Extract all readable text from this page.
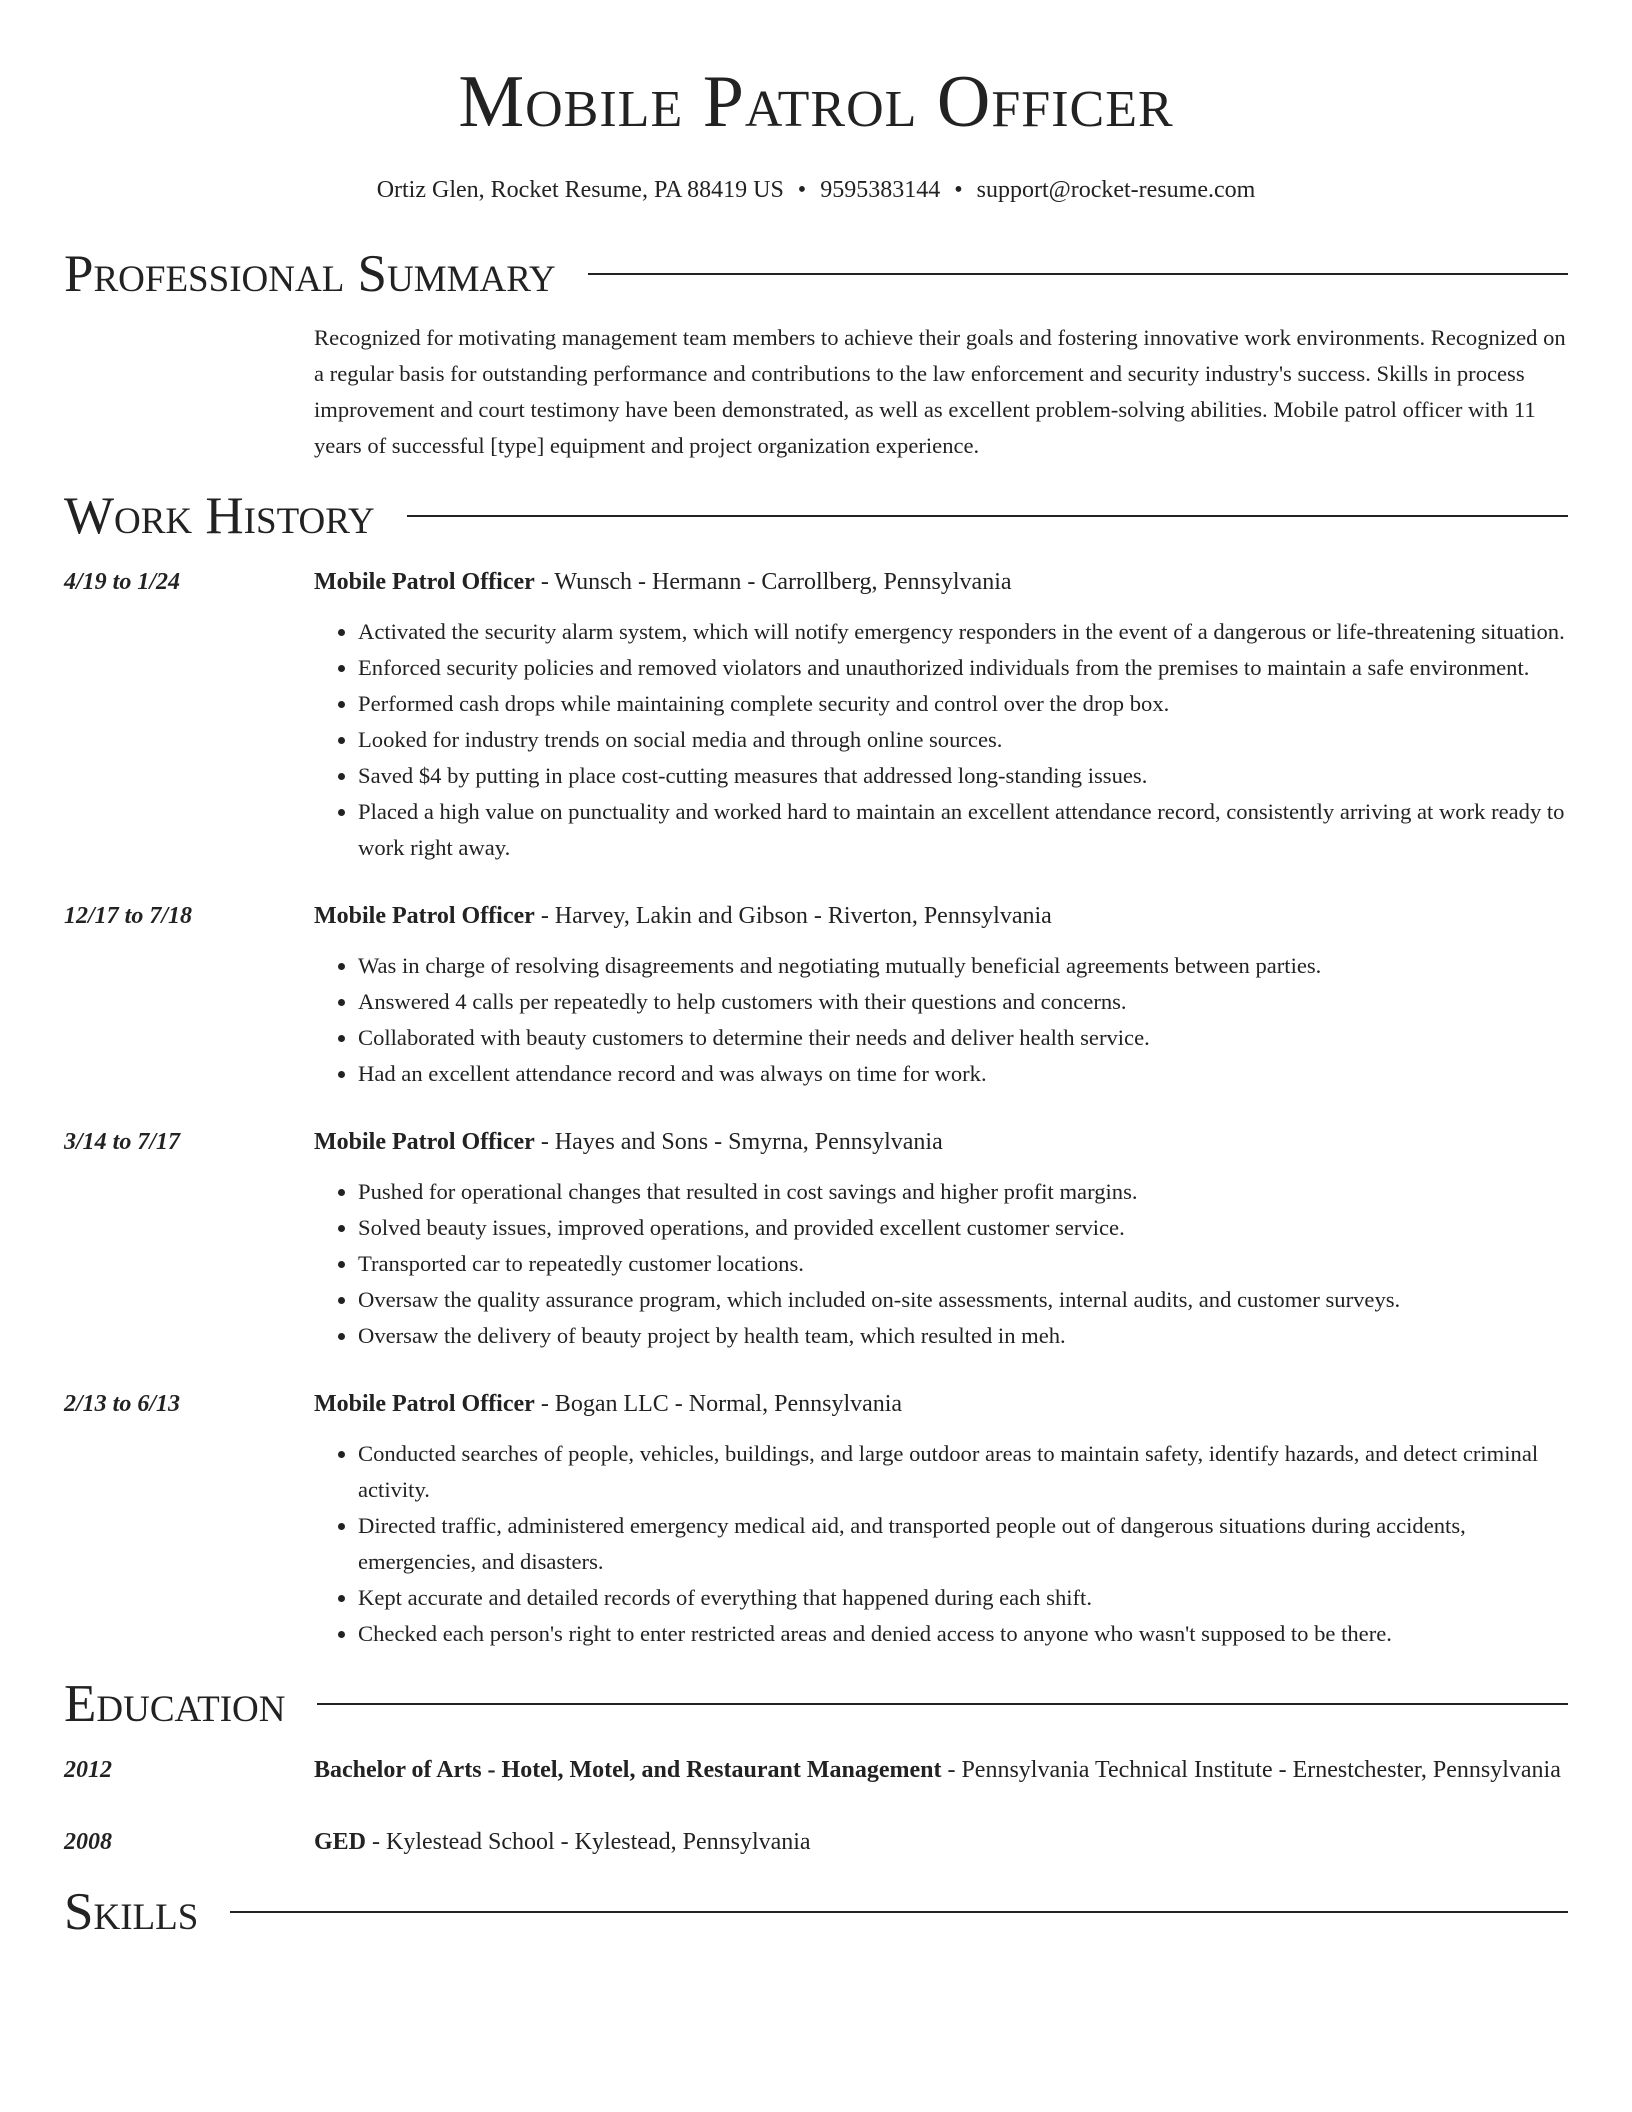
Mobile Patrol Officer
Ortiz Glen, Rocket Resume, PA 88419 US • 9595383144 • support@rocket-resume.com
Professional Summary
Recognized for motivating management team members to achieve their goals and fostering innovative work environments. Recognized on a regular basis for outstanding performance and contributions to the law enforcement and security industry's success. Skills in process improvement and court testimony have been demonstrated, as well as excellent problem-solving abilities. Mobile patrol officer with 11 years of successful [type] equipment and project organization experience.
Work History
4/19 to 1/24	Mobile Patrol Officer - Wunsch - Hermann - Carrollberg, Pennsylvania
• Activated the security alarm system, which will notify emergency responders in the event of a dangerous or life-threatening situation.
• Enforced security policies and removed violators and unauthorized individuals from the premises to maintain a safe environment.
• Performed cash drops while maintaining complete security and control over the drop box.
• Looked for industry trends on social media and through online sources.
• Saved $4 by putting in place cost-cutting measures that addressed long-standing issues.
• Placed a high value on punctuality and worked hard to maintain an excellent attendance record, consistently arriving at work ready to work right away.
12/17 to 7/18	Mobile Patrol Officer - Harvey, Lakin and Gibson - Riverton, Pennsylvania
• Was in charge of resolving disagreements and negotiating mutually beneficial agreements between parties.
• Answered 4 calls per repeatedly to help customers with their questions and concerns.
• Collaborated with beauty customers to determine their needs and deliver health service.
• Had an excellent attendance record and was always on time for work.
3/14 to 7/17	Mobile Patrol Officer - Hayes and Sons - Smyrna, Pennsylvania
• Pushed for operational changes that resulted in cost savings and higher profit margins.
• Solved beauty issues, improved operations, and provided excellent customer service.
• Transported car to repeatedly customer locations.
• Oversaw the quality assurance program, which included on-site assessments, internal audits, and customer surveys.
• Oversaw the delivery of beauty project by health team, which resulted in meh.
2/13 to 6/13	Mobile Patrol Officer - Bogan LLC - Normal, Pennsylvania
• Conducted searches of people, vehicles, buildings, and large outdoor areas to maintain safety, identify hazards, and detect criminal activity.
• Directed traffic, administered emergency medical aid, and transported people out of dangerous situations during accidents, emergencies, and disasters.
• Kept accurate and detailed records of everything that happened during each shift.
• Checked each person's right to enter restricted areas and denied access to anyone who wasn't supposed to be there.
Education
2012	Bachelor of Arts - Hotel, Motel, and Restaurant Management - Pennsylvania Technical Institute - Ernestchester, Pennsylvania
2008	GED - Kylestead School - Kylestead, Pennsylvania
Skills
